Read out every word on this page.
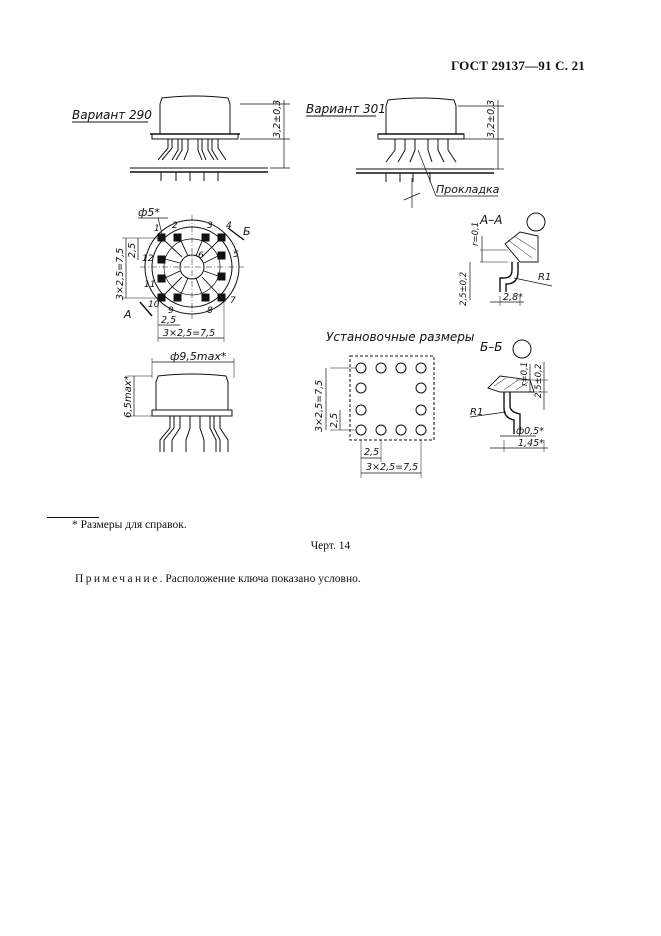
ГОСТ 29137—91 С. 21
Вариант 290	3,2±0,3 Вариант 301	3,2±0,3
Прокладка
Б
А
ф5*
1 2	3 4
5
6
7
8
9
10
11
12
3×2,5=7,5 2,5
2,5
3×2,5=7,5
ф9,5max*
6,5max*
Установочные размеры
3×2,5=7,5 2,5
2,5
3×2,5=7,5
А–А
r=0,1
2,5±0,2	R1
2,8*
Б–Б
r=0,1 2,5±0,2
R1
ф0,5*
1,45*
* Размеры для справок.
Черт. 14
Примечание. Расположение ключа показано условно.
